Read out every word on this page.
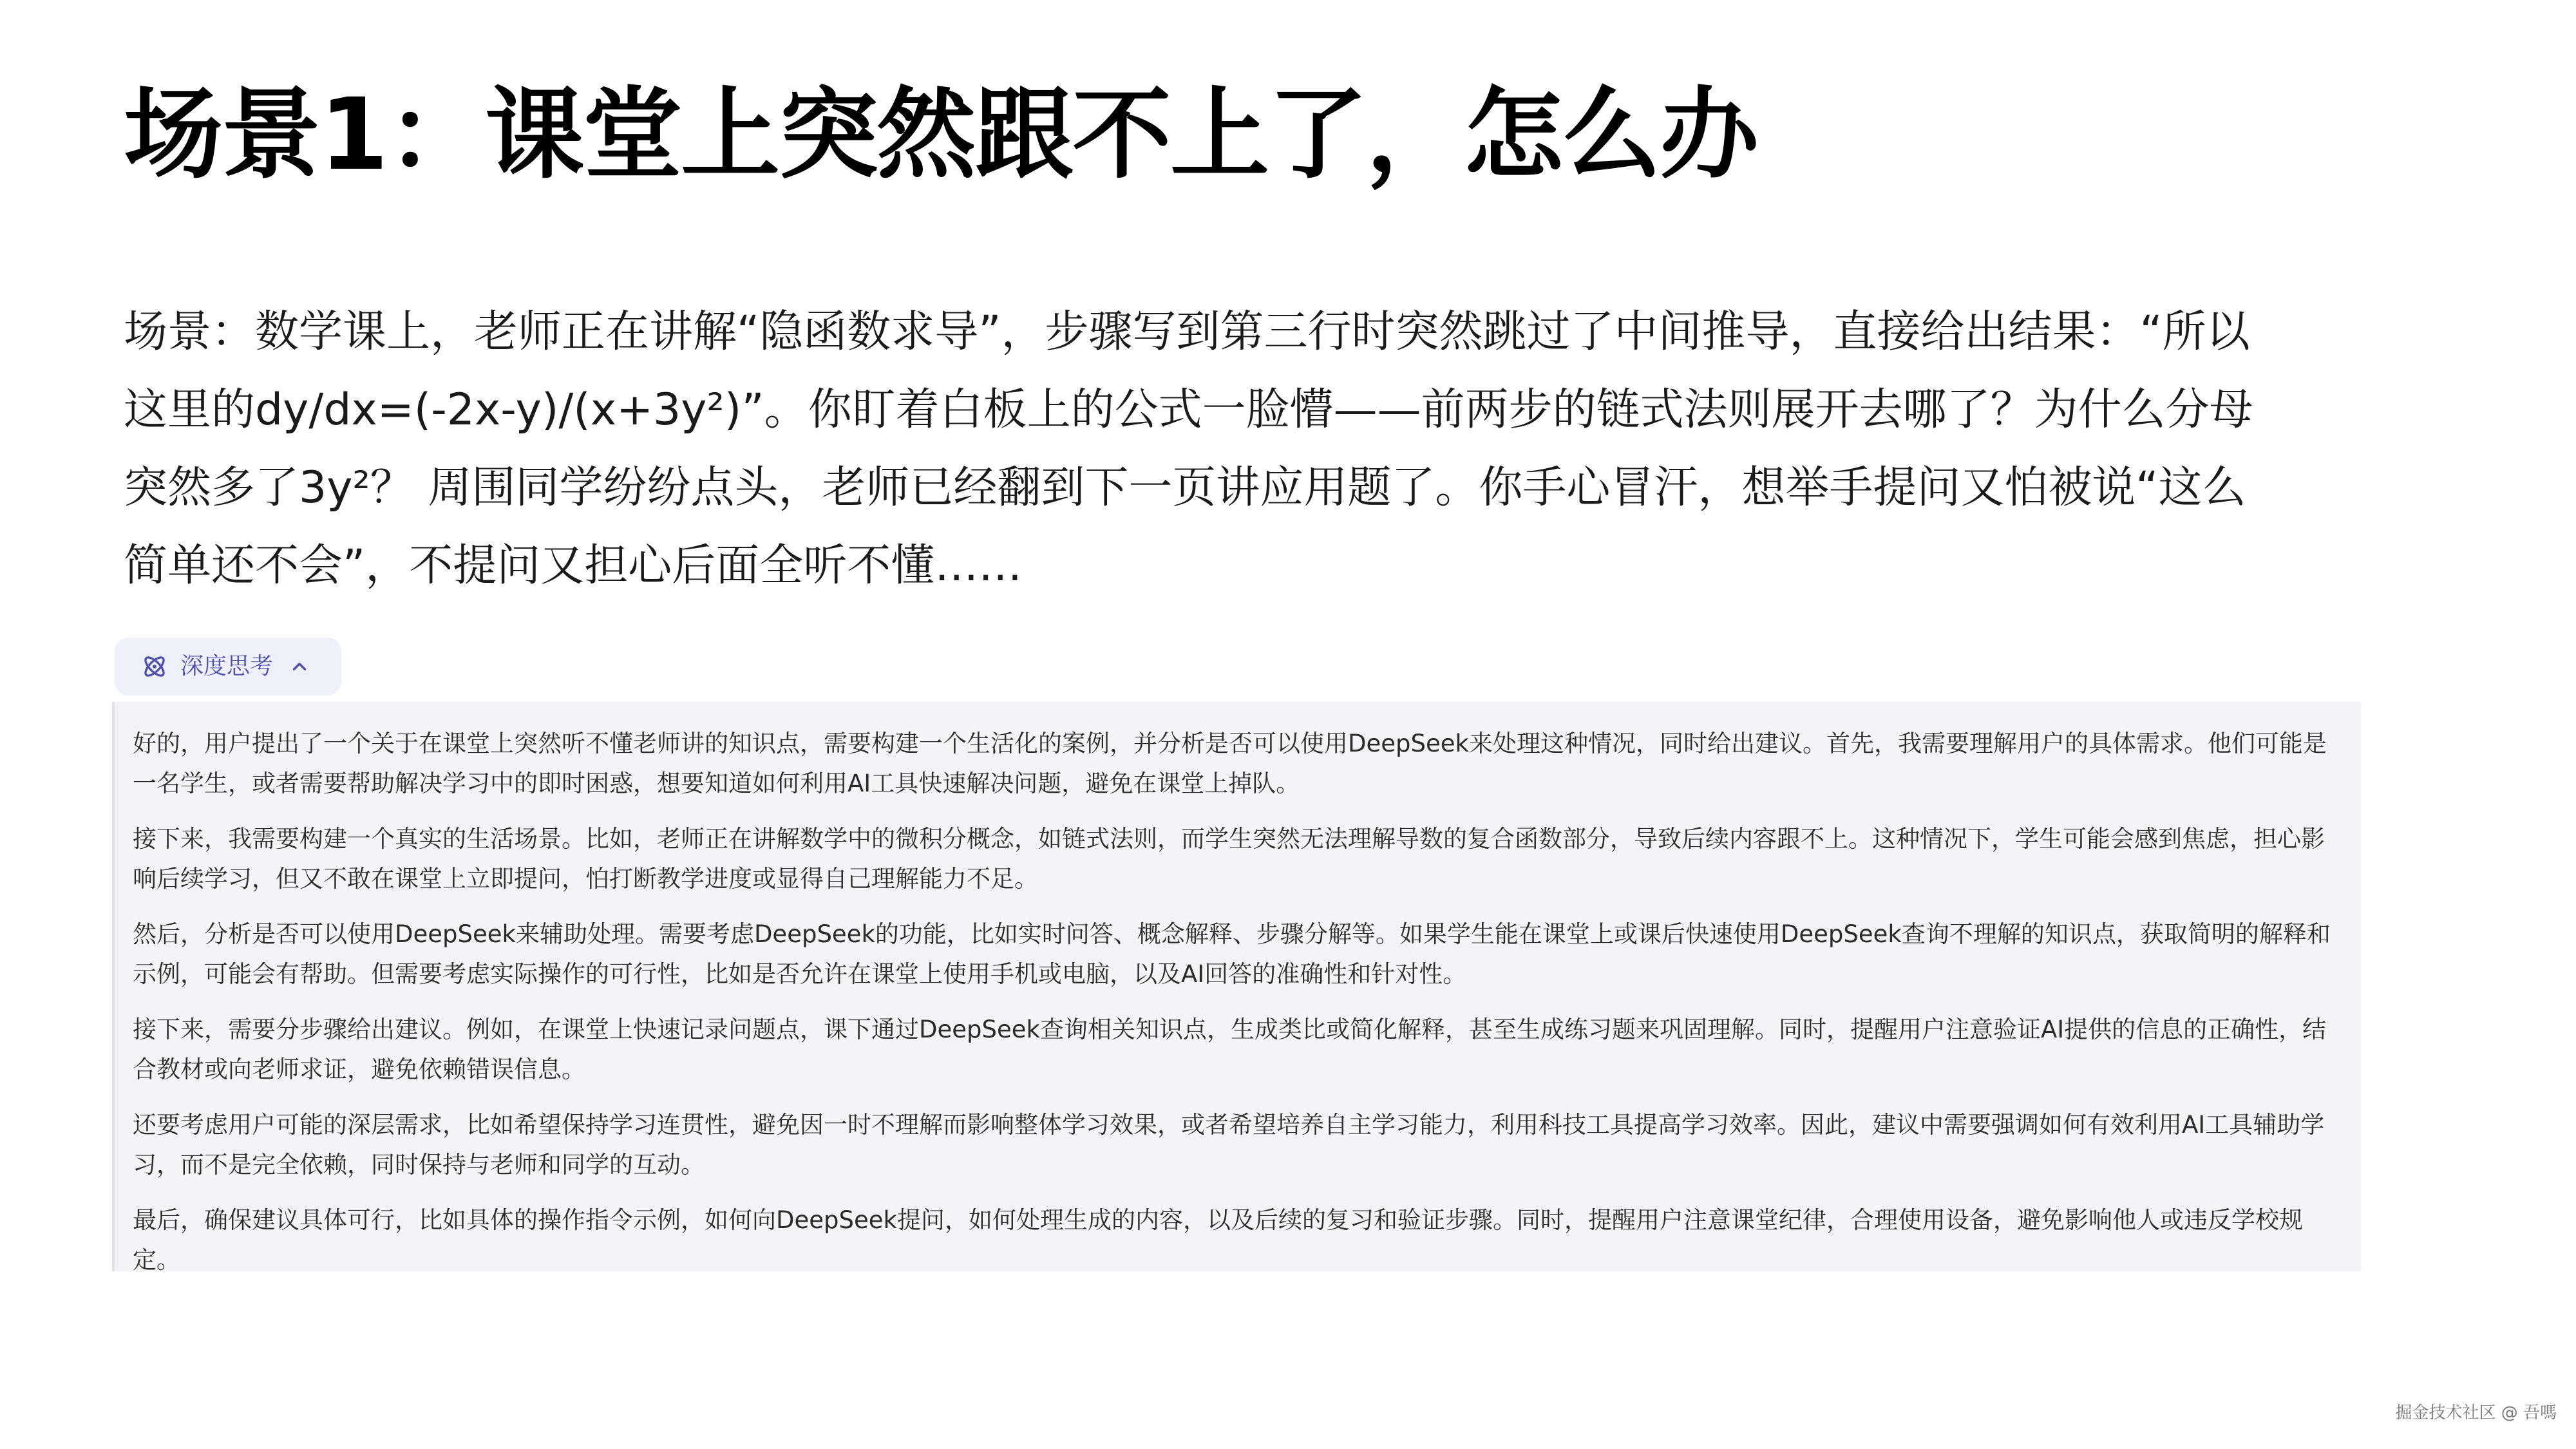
场景1：课堂上突然跟不上了，怎么办
场景：数学课上，老师正在讲解“隐函数求导”，步骤写到第三行时突然跳过了中间推导，直接给出结果：“所以这里的dy/dx=(-2x-y)/(x+3y²)”。你盯着白板上的公式一脸懵——前两步的链式法则展开去哪了？为什么分母突然多了3y²？ 周围同学纷纷点头，老师已经翻到下一页讲应用题了。你手心冒汗，想举手提问又怕被说“这么简单还不会”，不提问又担心后面全听不懂……
深度思考

好的，用户提出了一个关于在课堂上突然听不懂老师讲的知识点，需要构建一个生活化的案例，并分析是否可以使用DeepSeek来处理这种情况，同时给出建议。首先，我需要理解用户的具体需求。他们可能是一名学生，或者需要帮助解决学习中的即时困惑，想要知道如何利用AI工具快速解决问题，避免在课堂上掉队。

接下来，我需要构建一个真实的生活场景。比如，老师正在讲解数学中的微积分概念，如链式法则，而学生突然无法理解导数的复合函数部分，导致后续内容跟不上。这种情况下，学生可能会感到焦虑，担心影响后续学习，但又不敢在课堂上立即提问，怕打断教学进度或显得自己理解能力不足。

然后，分析是否可以使用DeepSeek来辅助处理。需要考虑DeepSeek的功能，比如实时问答、概念解释、步骤分解等。如果学生能在课堂上或课后快速使用DeepSeek查询不理解的知识点，获取简明的解释和示例，可能会有帮助。但需要考虑实际操作的可行性，比如是否允许在课堂上使用手机或电脑，以及AI回答的准确性和针对性。

接下来，需要分步骤给出建议。例如，在课堂上快速记录问题点，课下通过DeepSeek查询相关知识点，生成类比或简化解释，甚至生成练习题来巩固理解。同时，提醒用户注意验证AI提供的信息的正确性，结合教材或向老师求证，避免依赖错误信息。

还要考虑用户可能的深层需求，比如希望保持学习连贯性，避免因一时不理解而影响整体学习效果，或者希望培养自主学习能力，利用科技工具提高学习效率。因此，建议中需要强调如何有效利用AI工具辅助学习，而不是完全依赖，同时保持与老师和同学的互动。

最后，确保建议具体可行，比如具体的操作指令示例，如何向DeepSeek提问，如何处理生成的内容，以及后续的复习和验证步骤。同时，提醒用户注意课堂纪律，合理使用设备，避免影响他人或违反学校规定。

掘金技术社区 @ 吾嗎
